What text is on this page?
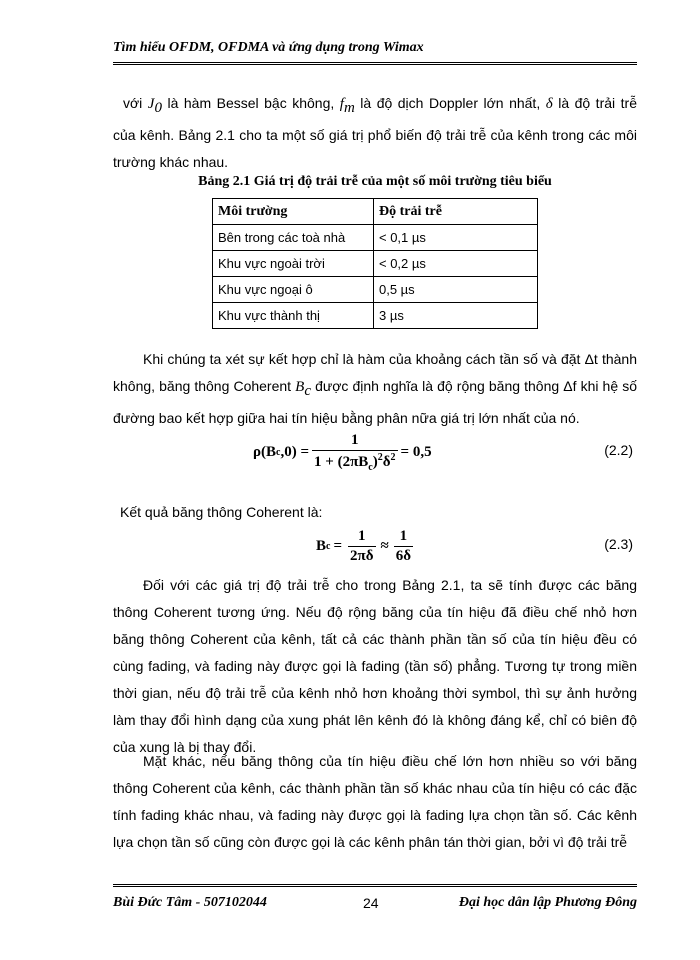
Tìm hiểu OFDM, OFDMA và ứng dụng trong Wimax
với $J_0$ là hàm Bessel bậc không, $f_m$ là độ dịch Doppler lớn nhất, δ là độ trải trễ
của kênh. Bảng 2.1 cho ta một số giá trị phổ biến độ trải trễ của kênh trong các môi trường khác nhau.
Bảng 2.1 Giá trị độ trải trễ của một số môi trường tiêu biểu
Môi trường	Độ trải trễ
Bên trong các toà nhà	< 0,1 µs
Khu vực ngoài trời	< 0,2 µs
Khu vực ngoại ô	0,5 µs
Khu vực thành thị	3 µs
Khi chúng ta xét sự kết hợp chỉ là hàm của khoảng cách tần số và đặt Δt thành không, băng thông Coherent $B_c$ được định nghĩa là độ rộng băng thông Δf khi hệ số đường bao kết hợp giữa hai tín hiệu bằng phân nữa giá trị lớn nhất của nó.
ρ(B c $,0) = \frac{1}{1 + (2\pi B_c)^2\delta^2} = 0,5$	(2.2)
Kết quả băng thông Coherent là:
B $c = \frac{1}{2\pi\delta} \approx \frac{1}{6\delta}$	(2.3)
Đối với các giá trị độ trải trễ cho trong Bảng 2.1, ta sẽ tính được các băng thông Coherent tương ứng. Nếu độ rộng băng của tín hiệu đã điều chế nhỏ hơn băng thông Coherent của kênh, tất cả các thành phần tần số của tín hiệu đều có cùng fading, và fading này được gọi là fading (tần số) phẳng. Tương tự trong miền thời gian, nếu độ trải trễ của kênh nhỏ hơn khoảng thời symbol, thì sự ảnh hưởng làm thay đổi hình dạng của xung phát lên kênh đó là không đáng kể, chỉ có biên độ của xung là bị thay đổi.
Mặt khác, nếu băng thông của tín hiệu điều chế lớn hơn nhiều so với băng thông Coherent của kênh, các thành phần tần số khác nhau của tín hiệu có các đặc tính fading khác nhau, và fading này được gọi là fading lựa chọn tần số. Các kênh lựa chọn tần số cũng còn được gọi là các kênh phân tán thời gian, bởi vì độ trải trễ
Bùi Đức Tâm - 507102044	24	Đại học dân lập Phương Đông
